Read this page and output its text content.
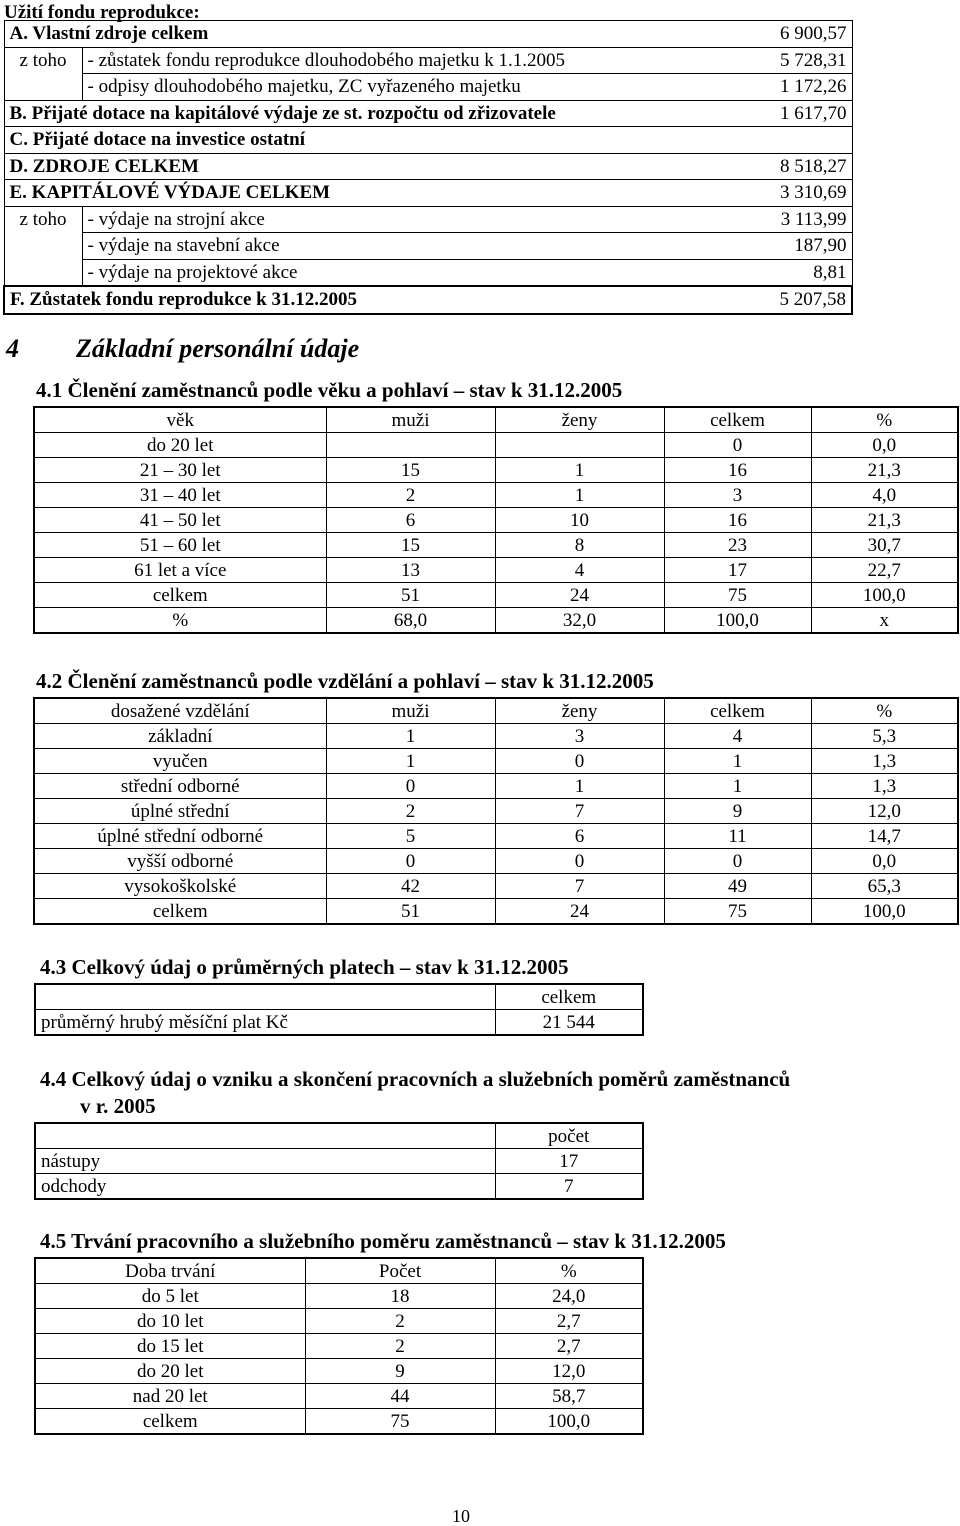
Užití fondu reprodukce:
A. Vlastní zdroje celkem		6 900,57
z toho	- zůstatek fondu reprodukce dlouhodobého majetku k 1.1.2005	5 728,31
	- odpisy dlouhodobého majetku, ZC vyřazeného majetku	1 172,26
B. Přijaté dotace na kapitálové výdaje ze st. rozpočtu od zřizovatele		1 617,70
C. Přijaté dotace na investice ostatní		
D. ZDROJE CELKEM		8 518,27
E. KAPITÁLOVÉ VÝDAJE CELKEM		3 310,69
z toho	- výdaje na strojní akce	3 113,99
	- výdaje na stavební akce	187,90
	- výdaje na projektové akce	8,81
F. Zůstatek fondu reprodukce k 31.12.2005		5 207,58
4 Základní personální údaje
4.1 Členění zaměstnanců podle věku a pohlaví – stav k 31.12.2005
věk	muži	ženy	celkem	%
do 20 let			0	0,0
21 – 30 let	15	1	16	21,3
31 – 40 let	2	1	3	4,0
41 – 50 let	6	10	16	21,3
51 – 60 let	15	8	23	30,7
61 let a více	13	4	17	22,7
celkem	51	24	75	100,0
%	68,0	32,0	100,0	x
4.2 Členění zaměstnanců podle vzdělání a pohlaví – stav k 31.12.2005
dosažené vzdělání	muži	ženy	celkem	%
základní	1	3	4	5,3
vyučen	1	0	1	1,3
střední odborné	0	1	1	1,3
úplné střední	2	7	9	12,0
úplné střední odborné	5	6	11	14,7
vyšší odborné	0	0	0	0,0
vysokoškolské	42	7	49	65,3
celkem	51	24	75	100,0
4.3 Celkový údaj o průměrných platech – stav k 31.12.2005
	celkem
průměrný hrubý měsíční plat Kč	21 544
4.4 Celkový údaj o vzniku a skončení pracovních a služebních poměrů zaměstnanců
v r. 2005
	počet
nástupy	17
odchody	7
4.5 Trvání pracovního a služebního poměru zaměstnanců – stav k 31.12.2005
Doba trvání	Počet	%
do 5 let	18	24,0
do 10 let	2	2,7
do 15 let	2	2,7
do 20 let	9	12,0
nad 20 let	44	58,7
celkem	75	100,0
10
